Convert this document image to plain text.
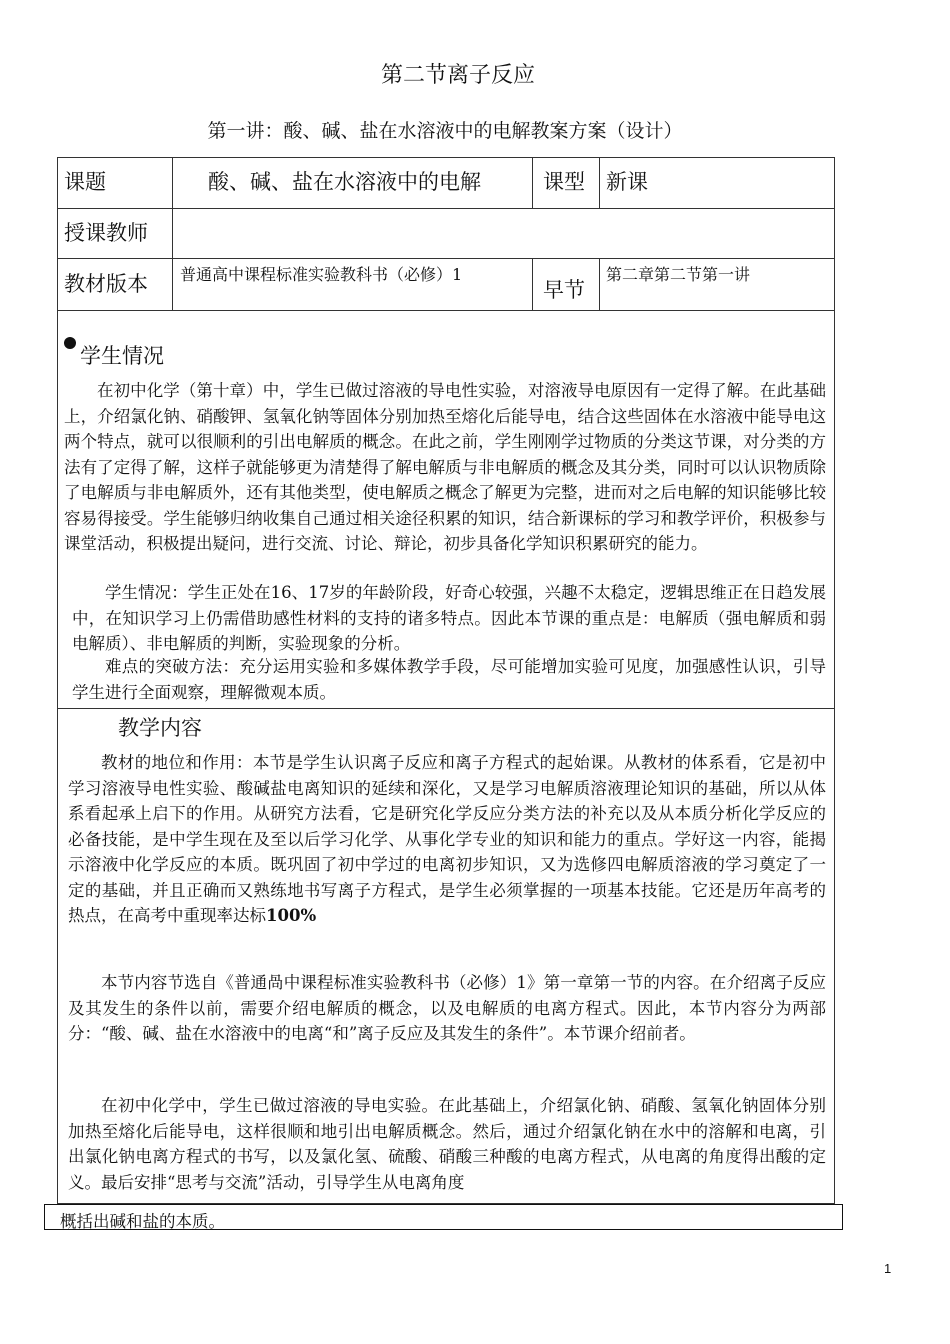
第二节离子反应
第一讲：酸、碱、盐在水溶液中的电解教案方案（设计）
课题	酸、碱、盐在水溶液中的电解	课型 新课
授课教师
教材版本 普通高中课程标准实验教科书（必修）1
早节
第二章第二节第一讲
学生情况

在初中化学（第十章）中，学生已做过溶液的导电性实验，对溶液导电原因有一定得了解。在此基础上，介绍氯化钠、硝酸钾、氢氧化钠等固体分别加热至熔化后能导电，结合这些固体在水溶液中能导电这两个特点，就可以很顺利的引出电解质的概念。在此之前，学生刚刚学过物质的分类这节课，对分类的方法有了定得了解，这样子就能够更为清楚得了解电解质与非电解质的概念及其分类，同时可以认识物质除了电解质与非电解质外，还有其他类型，使电解质之概念了解更为完整，进而对之后电解的知识能够比较容易得接受。学生能够归纳收集自己通过相关途径积累的知识，结合新课标的学习和教学评价，积极参与课堂活动，积极提出疑问，进行交流、讨论、辩论，初步具备化学知识积累研究的能力。

学生情况：学生正处在16、17岁的年龄阶段，好奇心较强，兴趣不太稳定，逻辑思维正在日趋发展中，在知识学习上仍需借助感性材料的支持的诸多特点。因此本节课的重点是：电解质（强电解质和弱电解质）、非电解质的判断，实验现象的分析。

难点的突破方法：充分运用实验和多媒体教学手段，尽可能增加实验可见度，加强感性认识，引导学生进行全面观察，理解微观本质。

教学内容

教材的地位和作用：本节是学生认识离子反应和离子方程式的起始课。从教材的体系看，它是初中学习溶液导电性实验、酸碱盐电离知识的延续和深化，又是学习电解质溶液理论知识的基础，所以从体系看起承上启下的作用。从研究方法看，它是研究化学反应分类方法的补充以及从本质分析化学反应的必备技能，是中学生现在及至以后学习化学、从事化学专业的知识和能力的重点。学好这一内容，能揭示溶液中化学反应的本质。既巩固了初中学过的电离初步知识，又为选修四电解质溶液的学习奠定了一定的基础，并且正确而又熟练地书写离子方程式，是学生必须掌握的一项基本技能。它还是历年高考的热点，在高考中重现率达标100%

本节内容节选自《普通咼中课程标准实验教科书（必修）1》第一章第一节的内容。在介绍离子反应及其发生的条件以前，需要介绍电解质的概念，以及电解质的电离方程式。因此，本节内容分为两部分：“酸、碱、盐在水溶液中的电离“和”离子反应及其发生的条件”。本节课介绍前者。

在初中化学中，学生已做过溶液的导电实验。在此基础上，介绍氯化钠、硝酸、氢氧化钠固体分别加热至熔化后能导电，这样很顺和地引出电解质概念。然后，通过介绍氯化钠在水中的溶解和电离，引出氯化钠电离方程式的书写，以及氯化氢、硫酸、硝酸三种酸的电离方程式，从电离的角度得出酸的定义。最后安排“思考与交流”活动，引导学生从电离角度

概括出碱和盐的本质。
1
